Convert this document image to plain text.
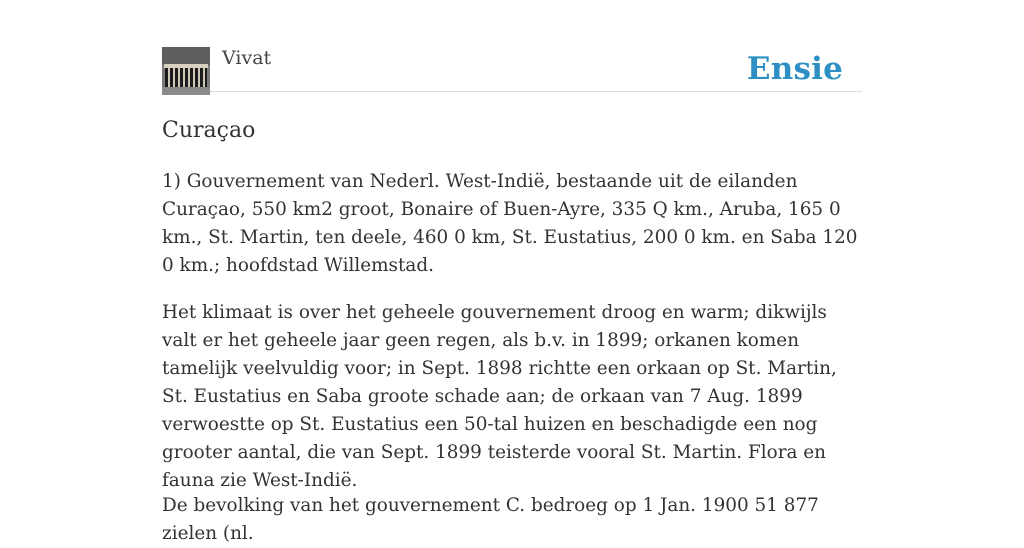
Vivat	Ensie
Curaçao

1) Gouvernement van Nederl. West-Indië, bestaande uit de eilanden Curaçao, 550 km2 groot, Bonaire of Buen-Ayre, 335 Q km., Aruba, 165 0 km., St. Martin, ten deele, 460 0 km, St. Eustatius, 200 0 km. en Saba 120 0 km.; hoofdstad Willemstad.

Het klimaat is over het geheele gouvernement droog en warm; dikwijls valt er het geheele jaar geen regen, als b.v. in 1899; orkanen komen tamelijk veelvuldig voor; in Sept. 1898 richtte een orkaan op St. Martin, St. Eustatius en Saba groote schade aan; de orkaan van 7 Aug. 1899 verwoestte op St. Eustatius een 50-tal huizen en beschadigde een nog grooter aantal, die van Sept. 1899 teisterde vooral St. Martin. Flora en fauna zie West-Indië.

De bevolking van het gouvernement C. bedroeg op 1 Jan. 1900 51 877 zielen (nl.
